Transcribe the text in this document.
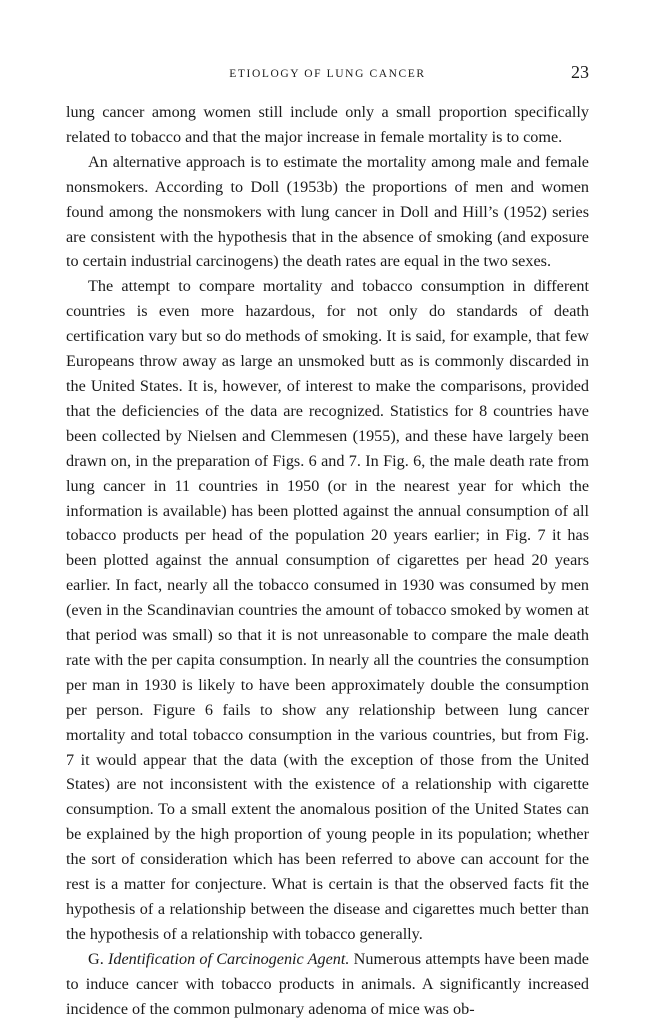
ETIOLOGY OF LUNG CANCER	23

lung cancer among women still include only a small proportion specifically related to tobacco and that the major increase in female mortality is to come.

An alternative approach is to estimate the mortality among male and female nonsmokers. According to Doll (1953b) the proportions of men and women found among the nonsmokers with lung cancer in Doll and Hill’s (1952) series are consistent with the hypothesis that in the absence of smoking (and exposure to certain industrial carcinogens) the death rates are equal in the two sexes.

The attempt to compare mortality and tobacco consumption in different countries is even more hazardous, for not only do standards of death certification vary but so do methods of smoking. It is said, for example, that few Europeans throw away as large an unsmoked butt as is commonly discarded in the United States. It is, however, of interest to make the comparisons, provided that the deficiencies of the data are recognized. Statistics for 8 countries have been collected by Nielsen and Clemmesen (1955), and these have largely been drawn on, in the preparation of Figs. 6 and 7. In Fig. 6, the male death rate from lung cancer in 11 countries in 1950 (or in the nearest year for which the information is available) has been plotted against the annual consumption of all tobacco products per head of the population 20 years earlier; in Fig. 7 it has been plotted against the annual consumption of cigarettes per head 20 years earlier. In fact, nearly all the tobacco consumed in 1930 was consumed by men (even in the Scandinavian countries the amount of tobacco smoked by women at that period was small) so that it is not unreasonable to compare the male death rate with the per capita consumption. In nearly all the countries the consumption per man in 1930 is likely to have been approximately double the consumption per person. Figure 6 fails to show any relationship between lung cancer mortality and total tobacco consumption in the various countries, but from Fig. 7 it would appear that the data (with the exception of those from the United States) are not inconsistent with the existence of a relationship with cigarette consumption. To a small extent the anomalous position of the United States can be explained by the high proportion of young people in its population; whether the sort of consideration which has been referred to above can account for the rest is a matter for conjecture. What is certain is that the observed facts fit the hypothesis of a relationship between the disease and cigarettes much better than the hypothesis of a relationship with tobacco generally.

G. Identification of Carcinogenic Agent. Numerous attempts have been made to induce cancer with tobacco products in animals. A significantly increased incidence of the common pulmonary adenoma of mice was ob-
